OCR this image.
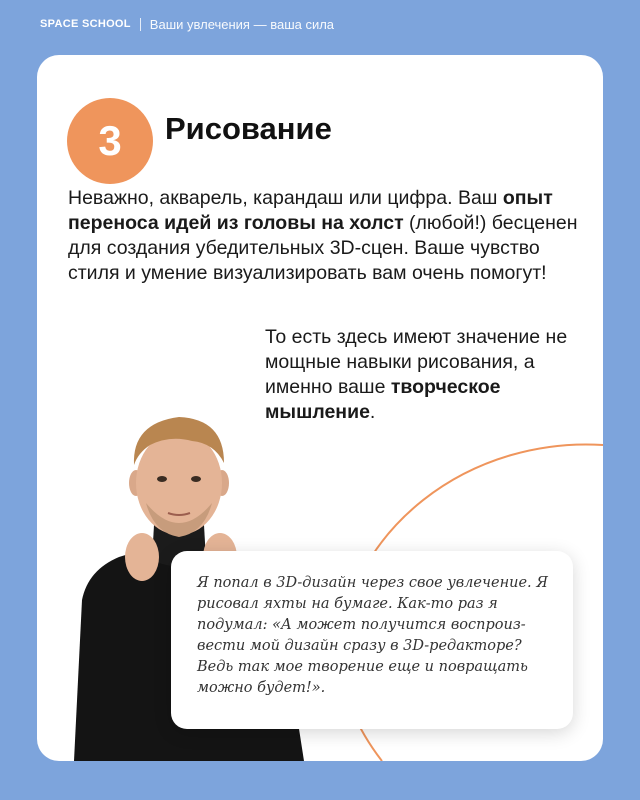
SPACE SCHOOL Ваши увлечения — ваша сила
3 Рисование

Неважно, акварель, карандаш или цифра. Ваш опыт переноса идей из головы на холст (любой!) бесценен для создания убедительных 3D-сцен. Ваше чувство стиля и умение визуализировать вам очень помогут!

То есть здесь имеют значение не мощные навыки рисования, а именно ваше творческое мышление.

Я попал в 3D-дизайн через свое увлечение. Я рисовал яхты на бумаге. Как-то раз я подумал: «А может получится воспроизвести мой дизайн сразу в 3D-редакторе? Ведь так мое творение еще и повращать можно будет!».
